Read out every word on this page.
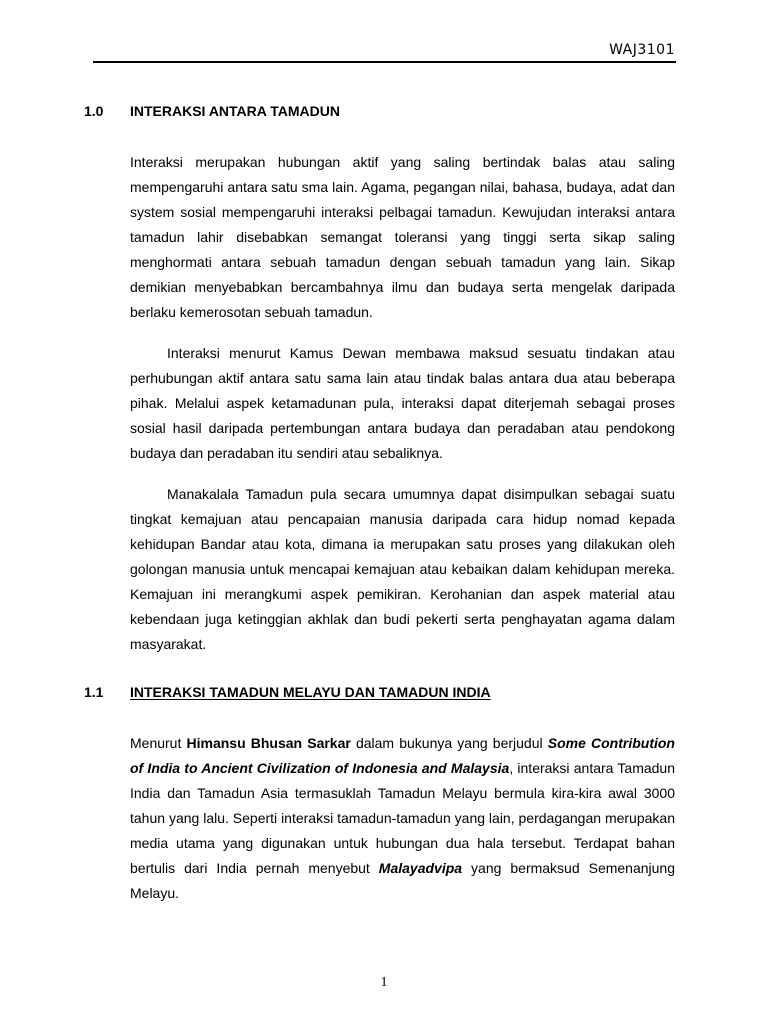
WAJ3101
1.0 INTERAKSI ANTARA TAMADUN

Interaksi merupakan hubungan aktif yang saling bertindak balas atau saling mempengaruhi antara satu sma lain. Agama, pegangan nilai, bahasa, budaya, adat dan system sosial mempengaruhi interaksi pelbagai tamadun. Kewujudan interaksi antara tamadun lahir disebabkan semangat toleransi yang tinggi serta sikap saling menghormati antara sebuah tamadun dengan sebuah tamadun yang lain. Sikap demikian menyebabkan bercambahnya ilmu dan budaya serta mengelak daripada berlaku kemerosotan sebuah tamadun.

Interaksi menurut Kamus Dewan membawa maksud sesuatu tindakan atau perhubungan aktif antara satu sama lain atau tindak balas antara dua atau beberapa pihak. Melalui aspek ketamadunan pula, interaksi dapat diterjemah sebagai proses sosial hasil daripada pertembungan antara budaya dan peradaban atau pendokong budaya dan peradaban itu sendiri atau sebaliknya.

Manakalala Tamadun pula secara umumnya dapat disimpulkan sebagai suatu tingkat kemajuan atau pencapaian manusia daripada cara hidup nomad kepada kehidupan Bandar atau kota, dimana ia merupakan satu proses yang dilakukan oleh golongan manusia untuk mencapai kemajuan atau kebaikan dalam kehidupan mereka. Kemajuan ini merangkumi aspek pemikiran. Kerohanian dan aspek material atau kebendaan juga ketinggian akhlak dan budi pekerti serta penghayatan agama dalam masyarakat.

1.1 INTERAKSI TAMADUN MELAYU DAN TAMADUN INDIA

Menurut Himansu Bhusan Sarkar dalam bukunya yang berjudul Some Contribution of India to Ancient Civilization of Indonesia and Malaysia, interaksi antara Tamadun India dan Tamadun Asia termasuklah Tamadun Melayu bermula kira-kira awal 3000 tahun yang lalu. Seperti interaksi tamadun-tamadun yang lain, perdagangan merupakan media utama yang digunakan untuk hubungan dua hala tersebut. Terdapat bahan bertulis dari India pernah menyebut Malayadvipa yang bermaksud Semenanjung Melayu.

1
